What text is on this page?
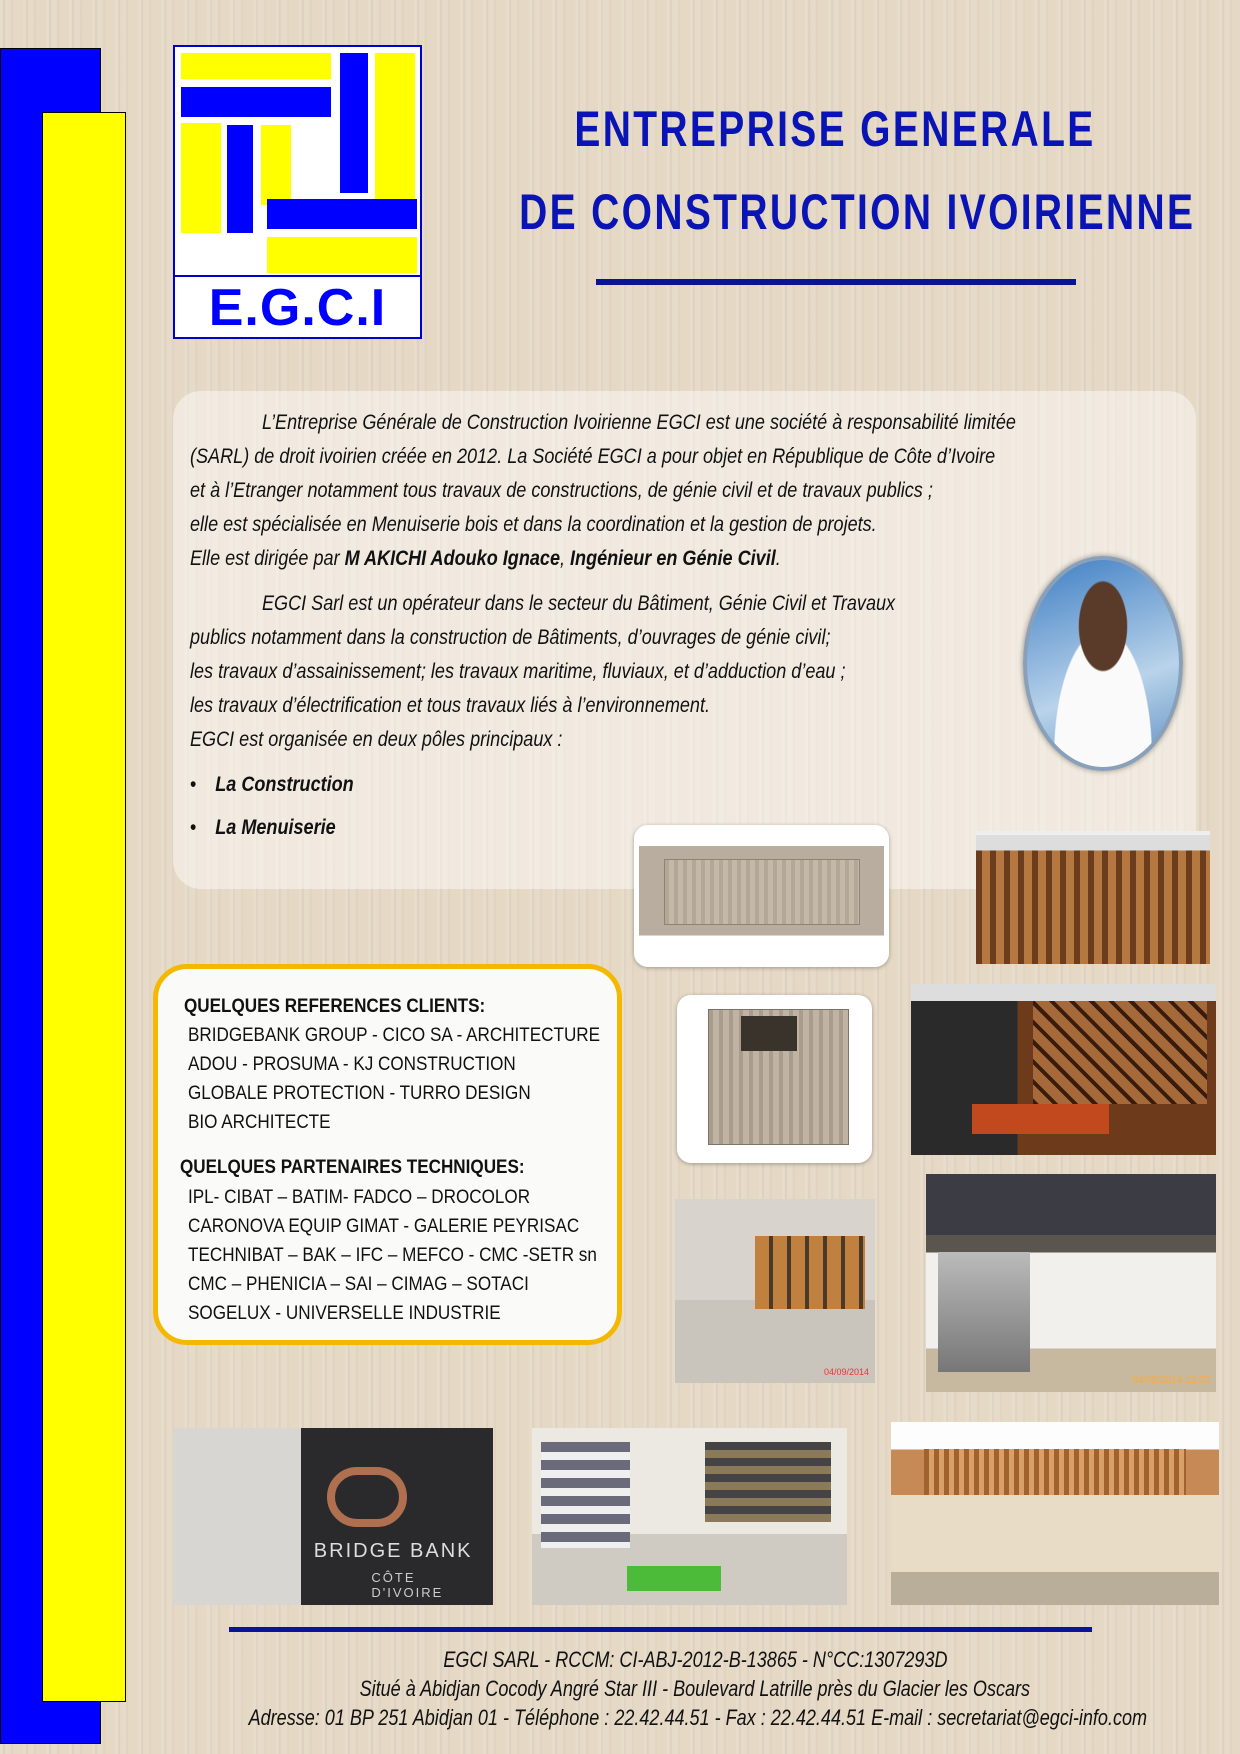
E.G.C.I
ENTREPRISE GENERALE
DE CONSTRUCTION IVOIRIENNE
L’Entreprise Générale de Construction Ivoirienne EGCI est une société à responsabilité limitée
(SARL) de droit ivoirien créée en 2012. La Société EGCI a pour objet en République de Côte d’Ivoire
et à l’Etranger notamment tous travaux de constructions, de génie civil et de travaux publics ;
elle est spécialisée en Menuiserie bois et dans la coordination et la gestion de projets.
Elle est dirigée par M AKICHI Adouko Ignace, Ingénieur en Génie Civil.
EGCI Sarl est un opérateur dans le secteur du Bâtiment, Génie Civil et Travaux
publics notamment dans la construction de Bâtiments, d’ouvrages de génie civil;
les travaux d’assainissement; les travaux maritime, fluviaux, et d’adduction d’eau ;
les travaux d’électrification et tous travaux liés à l’environnement.
EGCI est organisée en deux pôles principaux :
• La Construction
• La Menuiserie
QUELQUES REFERENCES CLIENTS:
BRIDGEBANK GROUP - CICO SA - ARCHITECTURE
ADOU - PROSUMA - KJ CONSTRUCTION
GLOBALE PROTECTION - TURRO DESIGN
BIO ARCHITECTE
QUELQUES PARTENAIRES TECHNIQUES:
IPL- CIBAT – BATIM- FADCO – DROCOLOR
CARONOVA EQUIP GIMAT - GALERIE PEYRISAC
TECHNIBAT – BAK – IFC – MEFCO - CMC -SETR sn
CMC – PHENICIA – SAI – CIMAG – SOTACI
SOGELUX - UNIVERSELLE INDUSTRIE
04/09/2014
04/09/2014 13:03
BRIDGE BANK
CÔTE D'IVOIRE
EGCI SARL - RCCM: CI-ABJ-2012-B-13865 - N°CC:1307293D
Situé à Abidjan Cocody Angré Star III - Boulevard Latrille près du Glacier les Oscars
Adresse: 01 BP 251 Abidjan 01 - Téléphone : 22.42.44.51 - Fax : 22.42.44.51 E-mail : secretariat@egci-info.com
